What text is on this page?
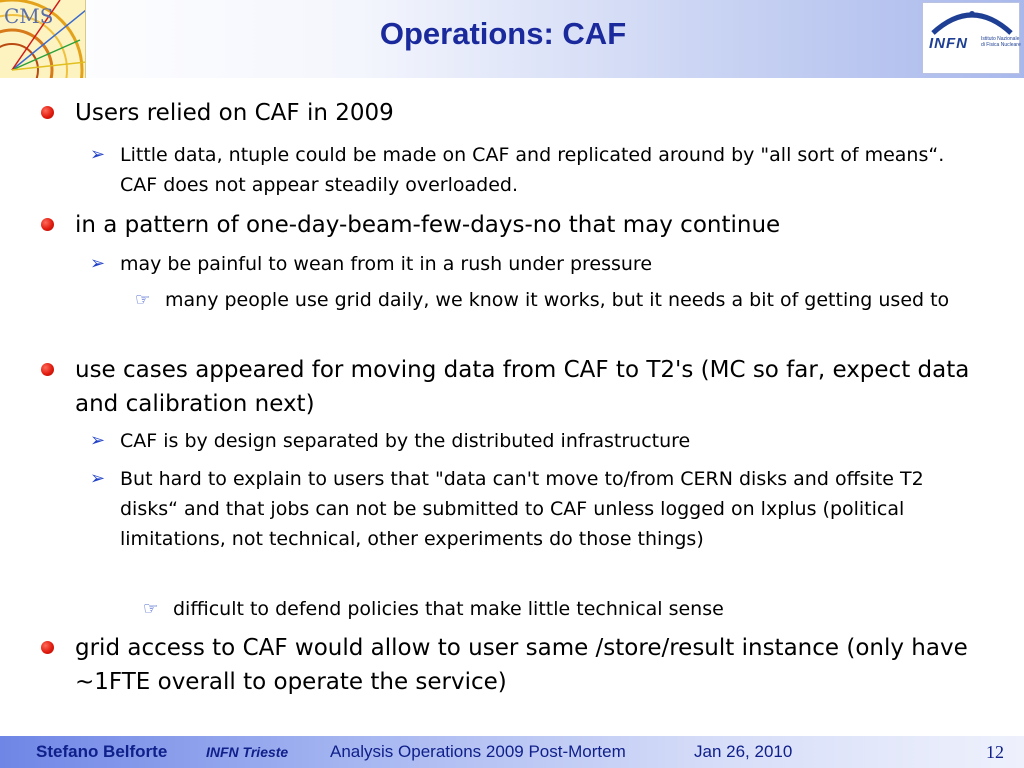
CMS	Operations: CAF	INFN	Istituto Nazionale di Fisica Nucleare
Users relied on CAF in 2009
➢ Little data, ntuple could be made on CAF and replicated around by "all sort of means“. CAF does not appear steadily overloaded.
in a pattern of one-day-beam-few-days-no that may continue
➢ may be painful to wean from it in a rush under pressure
☞ many people use grid daily, we know it works, but it needs a bit of getting used to
use cases appeared for moving data from CAF to T2's (MC so far, expect data and calibration next)
➢ CAF is by design separated by the distributed infrastructure
➢ But hard to explain to users that "data can't move to/from CERN disks and offsite T2 disks“ and that jobs can not be submitted to CAF unless logged on lxplus (political limitations, not technical, other experiments do those things)
☞ difficult to defend policies that make little technical sense
grid access to CAF would allow to user same /store/result instance (only have ~1FTE overall to operate the service)
Stefano Belforte	INFN Trieste Analysis Operations 2009 Post-Mortem	Jan 26, 2010	12
